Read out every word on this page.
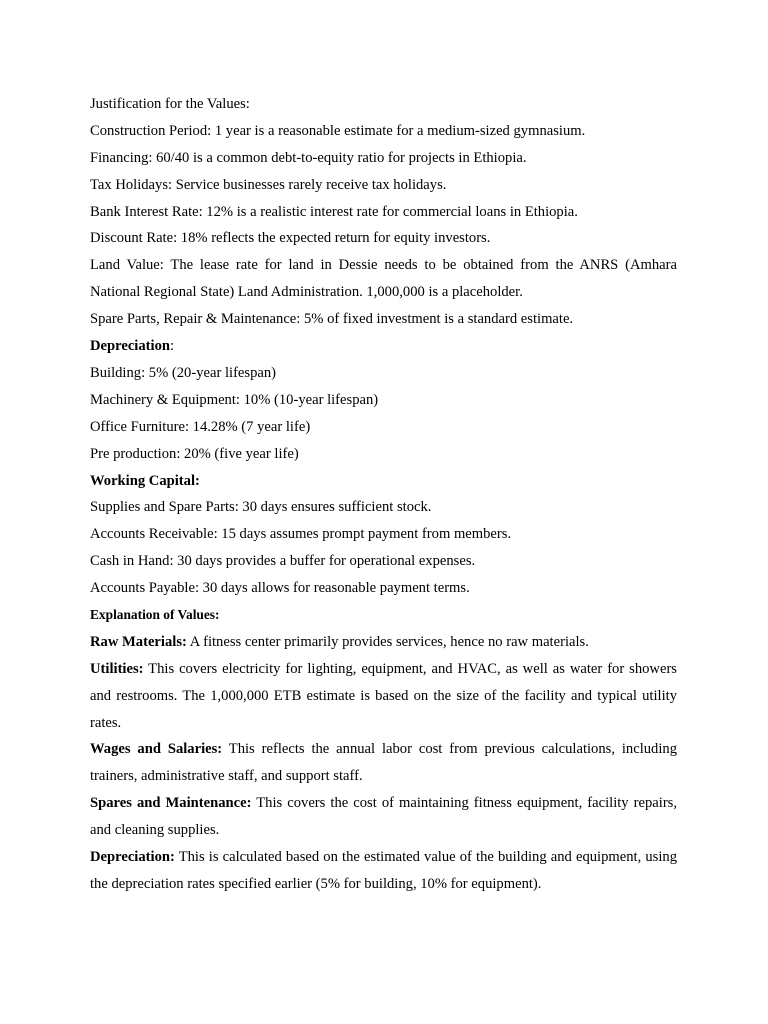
Justification for the Values:
Construction Period: 1 year is a reasonable estimate for a medium-sized gymnasium.
Financing: 60/40 is a common debt-to-equity ratio for projects in Ethiopia.
Tax Holidays: Service businesses rarely receive tax holidays.
Bank Interest Rate: 12% is a realistic interest rate for commercial loans in Ethiopia.
Discount Rate: 18% reflects the expected return for equity investors.
Land Value: The lease rate for land in Dessie needs to be obtained from the ANRS (Amhara National Regional State) Land Administration. 1,000,000 is a placeholder.
Spare Parts, Repair & Maintenance: 5% of fixed investment is a standard estimate.
Depreciation:
Building: 5% (20-year lifespan)
Machinery & Equipment: 10% (10-year lifespan)
Office Furniture: 14.28% (7 year life)
Pre production: 20% (five year life)
Working Capital:
Supplies and Spare Parts: 30 days ensures sufficient stock.
Accounts Receivable: 15 days assumes prompt payment from members.
Cash in Hand: 30 days provides a buffer for operational expenses.
Accounts Payable: 30 days allows for reasonable payment terms.
Explanation of Values:
Raw Materials: A fitness center primarily provides services, hence no raw materials.
Utilities: This covers electricity for lighting, equipment, and HVAC, as well as water for showers and restrooms. The 1,000,000 ETB estimate is based on the size of the facility and typical utility rates.
Wages and Salaries: This reflects the annual labor cost from previous calculations, including trainers, administrative staff, and support staff.
Spares and Maintenance: This covers the cost of maintaining fitness equipment, facility repairs, and cleaning supplies.
Depreciation: This is calculated based on the estimated value of the building and equipment, using the depreciation rates specified earlier (5% for building, 10% for equipment).
